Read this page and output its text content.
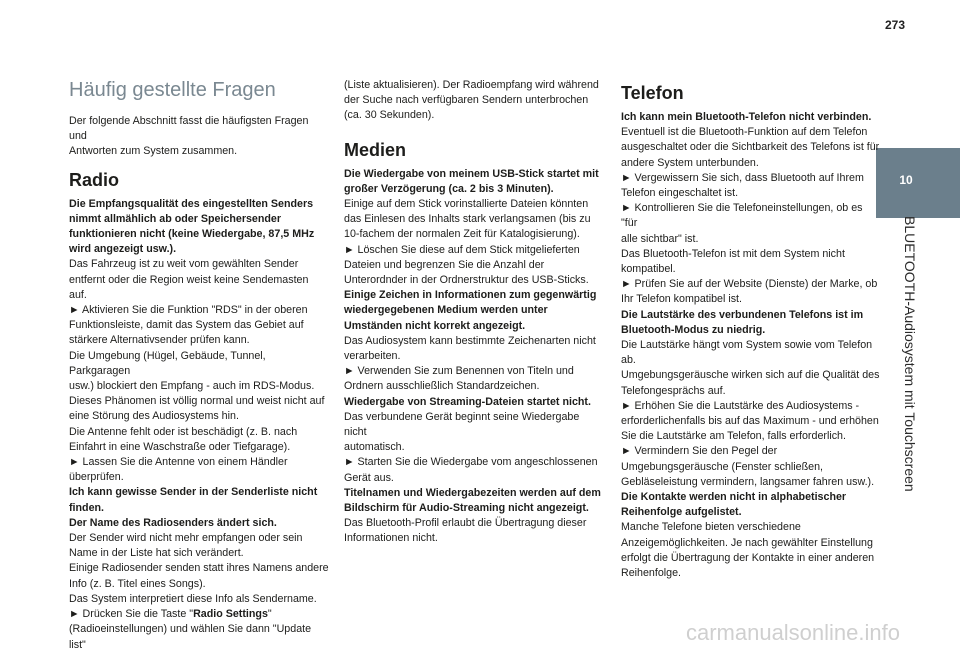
273
10
BLUETOOTH-Audiosystem mit Touchscreen
Häufig gestellte Fragen

Der folgende Abschnitt fasst die häufigsten Fragen und

Antworten zum System zusammen.

Radio

Die Empfangsqualität des eingestellten Senders

nimmt allmählich ab oder Speichersender

funktionieren nicht (keine Wiedergabe, 87,5 MHz

wird angezeigt usw.).

Das Fahrzeug ist zu weit vom gewählten Sender

entfernt oder die Region weist keine Sendemasten auf.

► Aktivieren Sie die Funktion "RDS" in der oberen

Funktionsleiste, damit das System das Gebiet auf

stärkere Alternativsender prüfen kann.

Die Umgebung (Hügel, Gebäude, Tunnel, Parkgaragen

usw.) blockiert den Empfang - auch im RDS-Modus.

Dieses Phänomen ist völlig normal und weist nicht auf

eine Störung des Audiosystems hin.

Die Antenne fehlt oder ist beschädigt (z. B. nach

Einfahrt in eine Waschstraße oder Tiefgarage).

► Lassen Sie die Antenne von einem Händler

überprüfen.

Ich kann gewisse Sender in der Senderliste nicht

finden.

Der Name des Radiosenders ändert sich.

Der Sender wird nicht mehr empfangen oder sein

Name in der Liste hat sich verändert.

Einige Radiosender senden statt ihres Namens andere

Info (z. B. Titel eines Songs).

Das System interpretiert diese Info als Sendername.

► Drücken Sie die Taste "Radio Settings"

(Radioeinstellungen) und wählen Sie dann "Update list"

(Liste aktualisieren). Der Radioempfang wird während

der Suche nach verfügbaren Sendern unterbrochen

(ca. 30 Sekunden).

Medien

Die Wiedergabe von meinem USB-Stick startet mit

großer Verzögerung (ca. 2 bis 3 Minuten).

Einige auf dem Stick vorinstallierte Dateien könnten

das Einlesen des Inhalts stark verlangsamen (bis zu

10-fachem der normalen Zeit für Katalogisierung).

► Löschen Sie diese auf dem Stick mitgelieferten

Dateien und begrenzen Sie die Anzahl der

Unterordnder in der Ordnerstruktur des USB-Sticks.

Einige Zeichen in Informationen zum gegenwärtig

wiedergegebenen Medium werden unter

Umständen nicht korrekt angezeigt.

Das Audiosystem kann bestimmte Zeichenarten nicht

verarbeiten.

► Verwenden Sie zum Benennen von Titeln und

Ordnern ausschließlich Standardzeichen.

Wiedergabe von Streaming-Dateien startet nicht.

Das verbundene Gerät beginnt seine Wiedergabe nicht

automatisch.

► Starten Sie die Wiedergabe vom angeschlossenen

Gerät aus.

Titelnamen und Wiedergabezeiten werden auf dem

Bildschirm für Audio-Streaming nicht angezeigt.

Das Bluetooth-Profil erlaubt die Übertragung dieser

Informationen nicht.

Telefon

Ich kann mein Bluetooth-Telefon nicht verbinden.

Eventuell ist die Bluetooth-Funktion auf dem Telefon

ausgeschaltet oder die Sichtbarkeit des Telefons ist für

andere System unterbunden.

► Vergewissern Sie sich, dass Bluetooth auf Ihrem

Telefon eingeschaltet ist.

► Kontrollieren Sie die Telefoneinstellungen, ob es "für

alle sichtbar" ist.

Das Bluetooth-Telefon ist mit dem System nicht

kompatibel.

► Prüfen Sie auf der Website (Dienste) der Marke, ob

Ihr Telefon kompatibel ist.

Die Lautstärke des verbundenen Telefons ist im

Bluetooth-Modus zu niedrig.

Die Lautstärke hängt vom System sowie vom Telefon

ab.

Umgebungsgeräusche wirken sich auf die Qualität des

Telefongesprächs auf.

► Erhöhen Sie die Lautstärke des Audiosystems -

erforderlichenfalls bis auf das Maximum - und erhöhen

Sie die Lautstärke am Telefon, falls erforderlich.

► Vermindern Sie den Pegel der

Umgebungsgeräusche (Fenster schließen,

Gebläseleistung vermindern, langsamer fahren usw.).

Die Kontakte werden nicht in alphabetischer

Reihenfolge aufgelistet.

Manche Telefone bieten verschiedene

Anzeigemöglichkeiten. Je nach gewählter Einstellung

erfolgt die Übertragung der Kontakte in einer anderen

Reihenfolge.

carmanualsonline.info
